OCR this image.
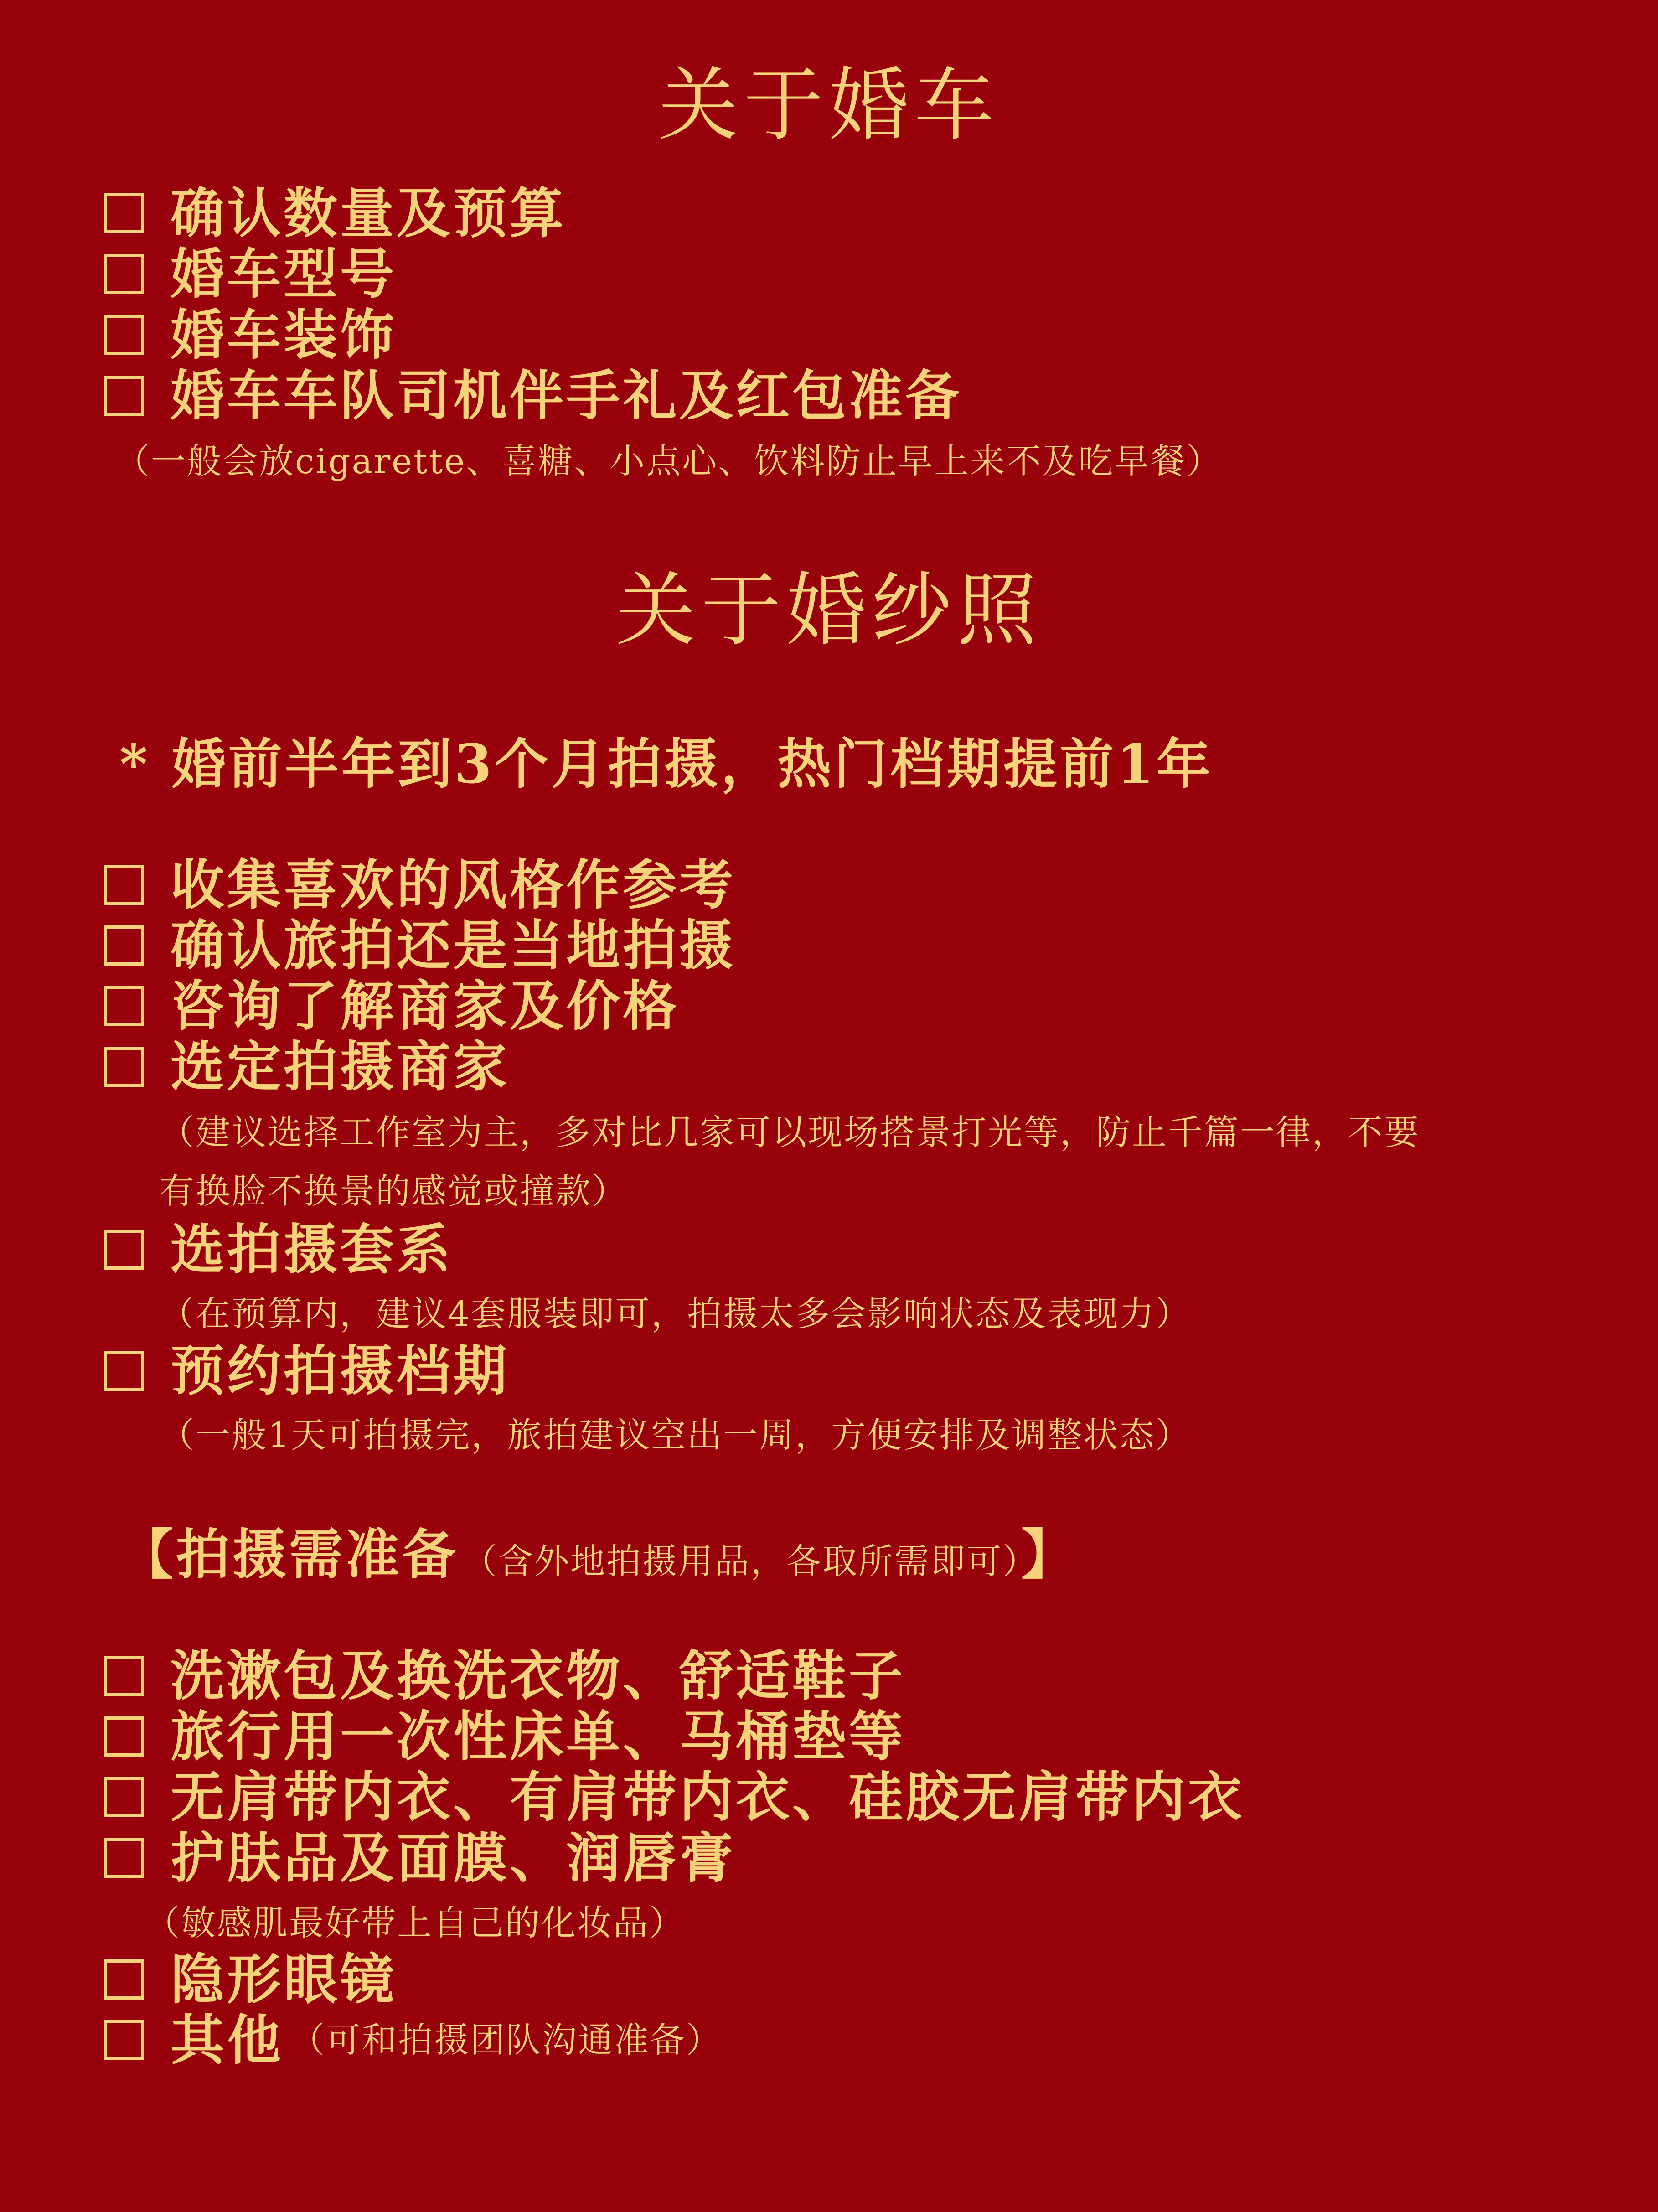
关于婚车
确认数量及预算
婚车型号
婚车装饰
婚车车队司机伴手礼及红包准备
（一般会放cigarette、喜糖、小点心、饮料防止早上来不及吃早餐）
关于婚纱照
* 婚前半年到3个月拍摄，热门档期提前1年
收集喜欢的风格作参考
确认旅拍还是当地拍摄
咨询了解商家及价格
选定拍摄商家
（建议选择工作室为主，多对比几家可以现场搭景打光等，防止千篇一律，不要
有换脸不换景的感觉或撞款）
选拍摄套系
（在预算内，建议4套服装即可，拍摄太多会影响状态及表现力）
预约拍摄档期
（一般1天可拍摄完，旅拍建议空出一周，方便安排及调整状态）
【拍摄需准备 （含外地拍摄用品，各取所需即可）】
洗漱包及换洗衣物、舒适鞋子
旅行用一次性床单、马桶垫等
无肩带内衣、有肩带内衣、硅胶无肩带内衣
护肤品及面膜、润唇膏
（敏感肌最好带上自己的化妆品）
隐形眼镜
其他 （可和拍摄团队沟通准备）
